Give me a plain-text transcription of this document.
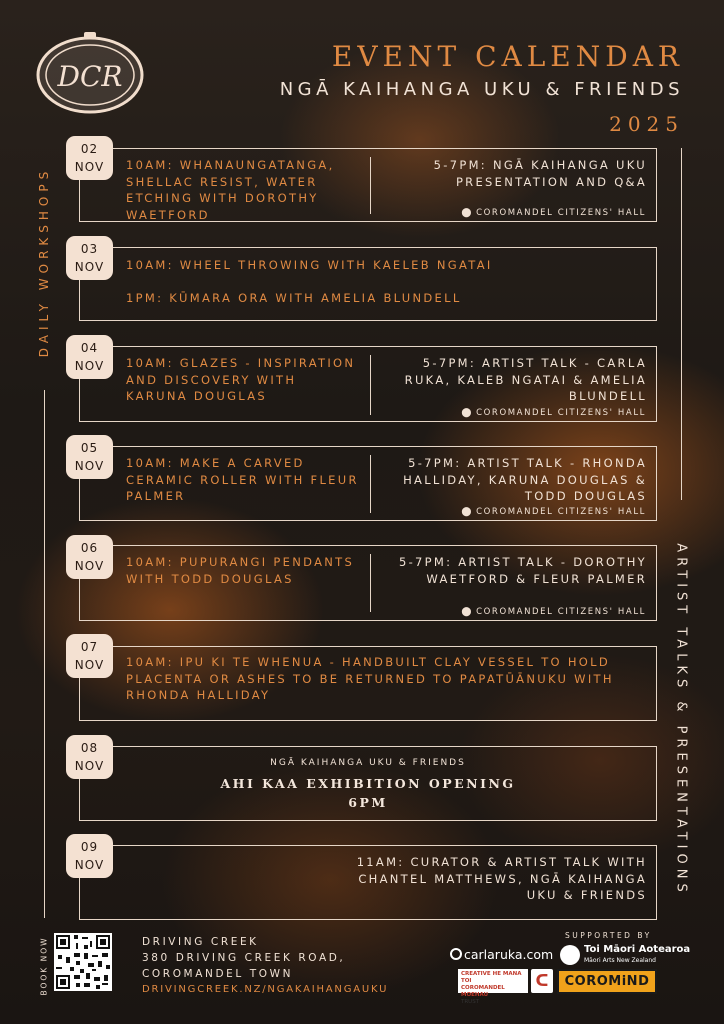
DCR
EVENT CALENDAR
NGĀ KAIHANGA UKU & FRIENDS
2025
DAILY WORKSHOPS
ARTIST TALKS & PRESENTATIONS
10AM: WHANAUNGATANGA, SHELLAC RESIST, WATER ETCHING WITH DOROTHY WAETFORD
5-7PM: NGĀ KAIHANGA UKU PRESENTATION AND Q&A
⬤ COROMANDEL CITIZENS' HALL
02
NOV
10AM: WHEEL THROWING WITH KAELEB NGATAI
1PM: KŪMARA ORA WITH AMELIA BLUNDELL
03
NOV
10AM: GLAZES - INSPIRATION AND DISCOVERY WITH KARUNA DOUGLAS
5-7PM: ARTIST TALK - CARLA RUKA, KALEB NGATAI & AMELIA BLUNDELL
⬤ COROMANDEL CITIZENS' HALL
04
NOV
10AM: MAKE A CARVED CERAMIC ROLLER WITH FLEUR PALMER
5-7PM: ARTIST TALK - RHONDA HALLIDAY, KARUNA DOUGLAS & TODD DOUGLAS
⬤ COROMANDEL CITIZENS' HALL
05
NOV
10AM: PUPURANGI PENDANTS WITH TODD DOUGLAS
5-7PM: ARTIST TALK - DOROTHY WAETFORD & FLEUR PALMER
⬤ COROMANDEL CITIZENS' HALL
06
NOV
10AM: IPU KI TE WHENUA - HANDBUILT CLAY VESSEL TO HOLD PLACENTA OR ASHES TO BE RETURNED TO PAPATŪĀNUKU WITH RHONDA HALLIDAY
07
NOV
NGĀ KAIHANGA UKU & FRIENDS
AHI KAA EXHIBITION OPENING
6PM
08
NOV
11AM: CURATOR & ARTIST TALK WITH CHANTEL MATTHEWS, NGĀ KAIHANGA UKU & FRIENDS
09
NOV
BOOK NOW	DRIVING CREEK
380 DRIVING CREEK ROAD,
COROMANDEL TOWN
DRIVINGCREEK.NZ/NGAKAIHANGAUKU
SUPPORTED BY
carlaruka.com	Toi Māori Aotearoa
Māori Arts New Zealand
CREATIVE HE MANA TOI
COROMANDEL MOEHAU
TRUST
ᑕ	COROMiND
